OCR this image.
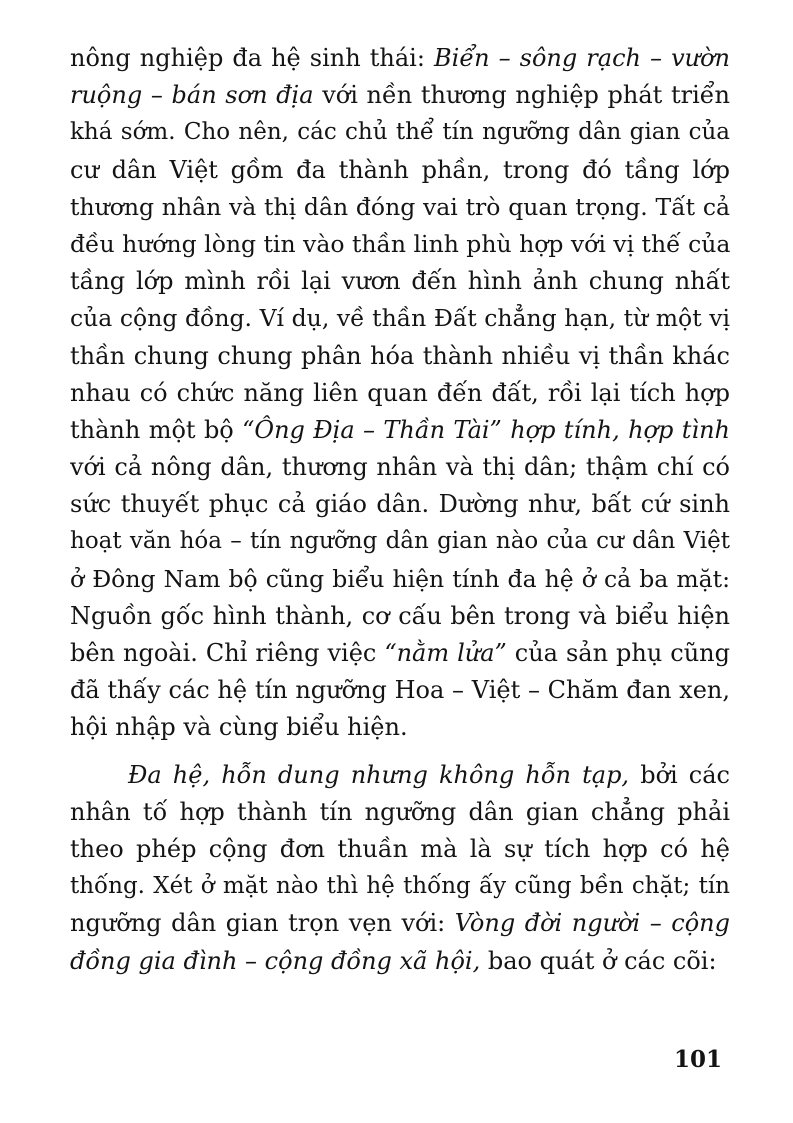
nông nghiệp đa hệ sinh thái: Biển – sông rạch – vườn
ruộng – bán sơn địa với nền thương nghiệp phát triển
khá sớm. Cho nên, các chủ thể tín ngưỡng dân gian của
cư dân Việt gồm đa thành phần, trong đó tầng lớp
thương nhân và thị dân đóng vai trò quan trọng. Tất cả
đều hướng lòng tin vào thần linh phù hợp với vị thế của
tầng lớp mình rồi lại vươn đến hình ảnh chung nhất
của cộng đồng. Ví dụ, về thần Đất chẳng hạn, từ một vị
thần chung chung phân hóa thành nhiều vị thần khác
nhau có chức năng liên quan đến đất, rồi lại tích hợp
thành một bộ “Ông Địa – Thần Tài” hợp tính, hợp tình
với cả nông dân, thương nhân và thị dân; thậm chí có
sức thuyết phục cả giáo dân. Dường như, bất cứ sinh
hoạt văn hóa – tín ngưỡng dân gian nào của cư dân Việt
ở Đông Nam bộ cũng biểu hiện tính đa hệ ở cả ba mặt:
Nguồn gốc hình thành, cơ cấu bên trong và biểu hiện
bên ngoài. Chỉ riêng việc “nằm lửa” của sản phụ cũng
đã thấy các hệ tín ngưỡng Hoa – Việt – Chăm đan xen,
hội nhập và cùng biểu hiện.
Đa hệ, hỗn dung nhưng không hỗn tạp, bởi các
nhân tố hợp thành tín ngưỡng dân gian chẳng phải
theo phép cộng đơn thuần mà là sự tích hợp có hệ
thống. Xét ở mặt nào thì hệ thống ấy cũng bền chặt; tín
ngưỡng dân gian trọn vẹn với: Vòng đời người – cộng
đồng gia đình – cộng đồng xã hội, bao quát ở các cõi:
101
